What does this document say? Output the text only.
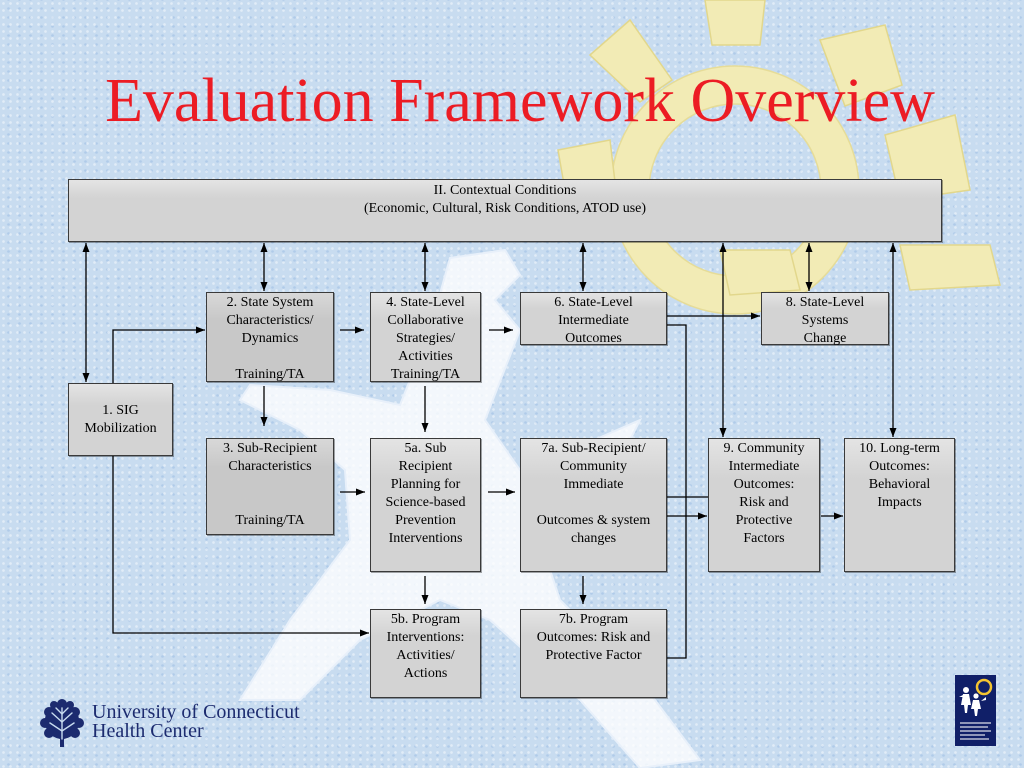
Evaluation Framework Overview
II. Contextual Conditions
(Economic, Cultural, Risk Conditions, ATOD use)
1. SIG
Mobilization
2. State System
Characteristics/
Dynamics

Training/TA
4. State-Level
Collaborative
Strategies/
Activities
Training/TA
6. State-Level
Intermediate
Outcomes
8. State-Level
Systems
Change
3. Sub-Recipient
Characteristics

Training/TA
5a. Sub
Recipient
Planning for
Science-based
Prevention
Interventions
7a. Sub-Recipient/
Community
Immediate

Outcomes & system
changes
9. Community
Intermediate
Outcomes:
Risk and
Protective
Factors
10. Long-term
Outcomes:
Behavioral
Impacts
5b. Program
Interventions:
Activities/
Actions
7b. Program
Outcomes: Risk and
Protective Factor
University of Connecticut
Health Center
